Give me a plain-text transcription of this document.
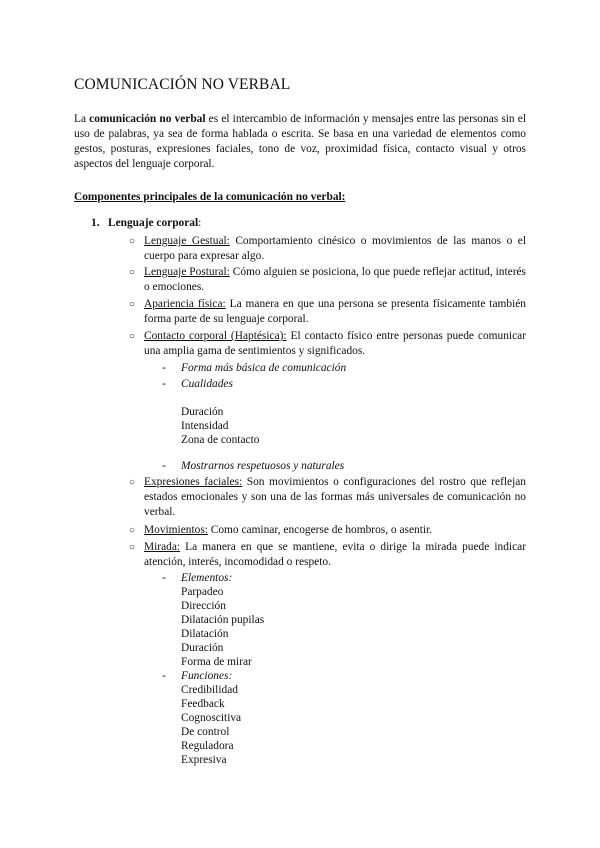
COMUNICACIÓN NO VERBAL

La comunicación no verbal es el intercambio de información y mensajes entre las personas sin el uso de palabras, ya sea de forma hablada o escrita. Se basa en una variedad de elementos como gestos, posturas, expresiones faciales, tono de voz, proximidad física, contacto visual y otros aspectos del lenguaje corporal.

Componentes principales de la comunicación no verbal:

1. Lenguaje corporal:
○ Lenguaje Gestual: Comportamiento cinésico o movimientos de las manos o el cuerpo para expresar algo.

○ Lenguaje Postural: Cómo alguien se posiciona, lo que puede reflejar actitud, interés o emociones.

○ Apariencia física: La manera en que una persona se presenta físicamente también forma parte de su lenguaje corporal.

○ Contacto corporal (Haptésica): El contacto físico entre personas puede comunicar una amplia gama de sentimientos y significados.

-	Forma más básica de comunicación
-	Cualidades
Duración
Intensidad
Zona de contacto
-	Mostrarnos respetuosos y naturales
○ Expresiones faciales: Son movimientos o configuraciones del rostro que reflejan estados emocionales y son una de las formas más universales de comunicación no verbal.

○ Movimientos: Como caminar, encogerse de hombros, o asentir.

○ Mirada: La manera en que se mantiene, evita o dirige la mirada puede indicar atención, interés, incomodidad o respeto.

-	Elementos:
Parpadeo
Dirección
Dilatación pupilas
Dilatación
Duración
Forma de mirar
-	Funciones:
Credibilidad
Feedback
Cognoscitiva
De control
Reguladora
Expresiva
